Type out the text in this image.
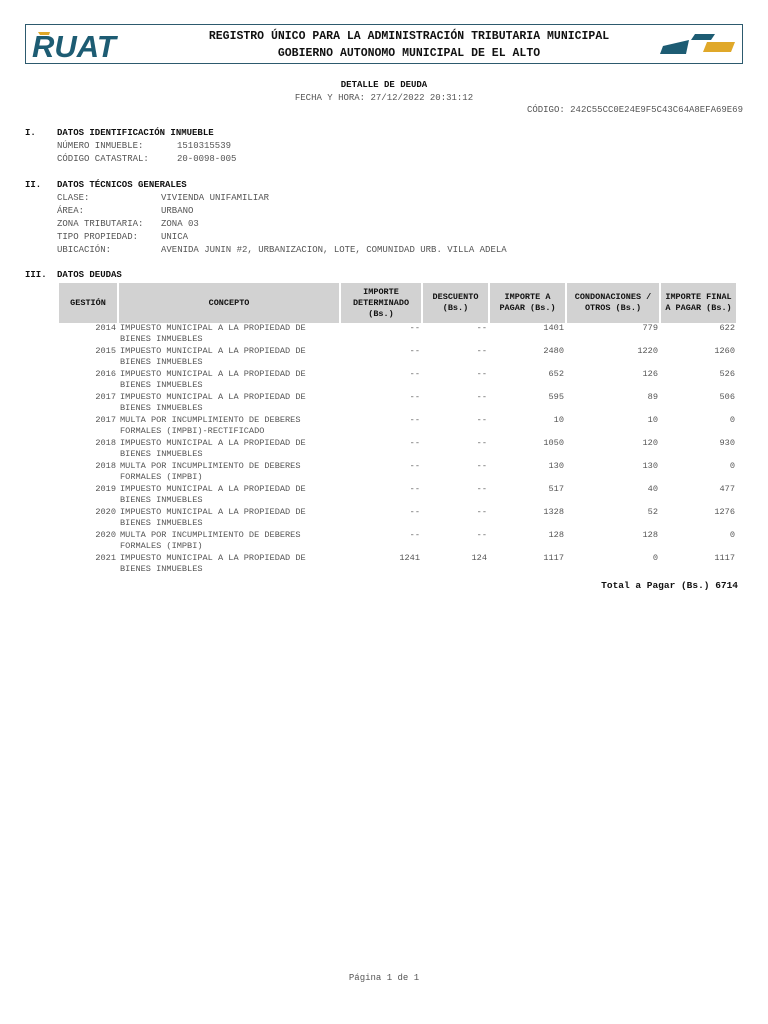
RUAT	REGISTRO ÚNICO PARA LA ADMINISTRACIÓN TRIBUTARIA MUNICIPAL
GOBIERNO AUTONOMO MUNICIPAL DE EL ALTO
DETALLE DE DEUDA
FECHA Y HORA: 27/12/2022 20:31:12
CÓDIGO: 242C55CC0E24E9F5C43C64A8EFA69E69
I. DATOS IDENTIFICACIÓN INMUEBLE
NÚMERO INMUEBLE:	1510315539
CÓDIGO CATASTRAL:	20-0098-005
II. DATOS TÉCNICOS GENERALES
CLASE:	VIVIENDA UNIFAMILIAR
ÁREA:	URBANO
ZONA TRIBUTARIA: ZONA 03
TIPO PROPIEDAD:	UNICA
UBICACIÓN:	AVENIDA JUNIN #2, URBANIZACION, LOTE, COMUNIDAD URB. VILLA ADELA
III. DATOS DEUDAS
GESTIÓN	CONCEPTO	IMPORTE DETERMINADO (Bs.)	DESCUENTO (Bs.)	IMPORTE A PAGAR (Bs.)	CONDONACIONES / OTROS (Bs.)	IMPORTE FINAL A PAGAR (Bs.)
2014	IMPUESTO MUNICIPAL A LA PROPIEDAD DE BIENES INMUEBLES	--	--	1401	779	622
2015	IMPUESTO MUNICIPAL A LA PROPIEDAD DE BIENES INMUEBLES	--	--	2480	1220	1260
2016	IMPUESTO MUNICIPAL A LA PROPIEDAD DE BIENES INMUEBLES	--	--	652	126	526
2017	IMPUESTO MUNICIPAL A LA PROPIEDAD DE BIENES INMUEBLES	--	--	595	89	506
2017	MULTA POR INCUMPLIMIENTO DE DEBERES FORMALES (IMPBI)-RECTIFICADO	--	--	10	10	0
2018	IMPUESTO MUNICIPAL A LA PROPIEDAD DE BIENES INMUEBLES	--	--	1050	120	930
2018	MULTA POR INCUMPLIMIENTO DE DEBERES FORMALES (IMPBI)	--	--	130	130	0
2019	IMPUESTO MUNICIPAL A LA PROPIEDAD DE BIENES INMUEBLES	--	--	517	40	477
2020	IMPUESTO MUNICIPAL A LA PROPIEDAD DE BIENES INMUEBLES	--	--	1328	52	1276
2020	MULTA POR INCUMPLIMIENTO DE DEBERES FORMALES (IMPBI)	--	--	128	128	0
2021	IMPUESTO MUNICIPAL A LA PROPIEDAD DE BIENES INMUEBLES	1241	124	1117	0	1117
Total a Pagar (Bs.) 6714
Página 1 de 1
